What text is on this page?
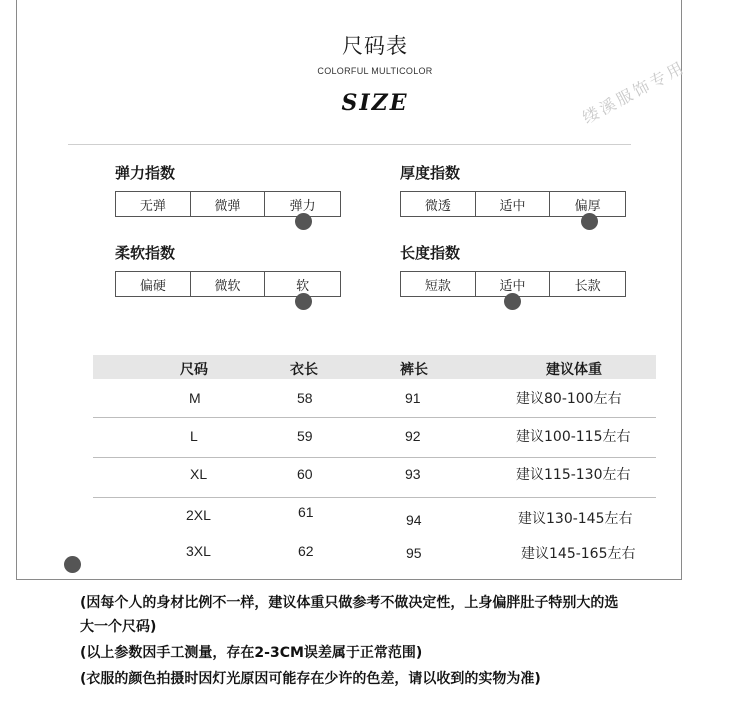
尺码表
COLORFUL MULTICOLOR
SIZE	缕溪服饰专用
弹力指数
无弹	微弹	弹力
厚度指数
微透	适中	偏厚
柔软指数
偏硬	微软	软
长度指数
短款	适中	长款
尺码	衣长	裤长	建议体重
M	58	91	建议80-100左右
L	59	92	建议100-115左右
XL	60	93	建议115-130左右
2XL	61	94	建议130-145左右
3XL	62	95	建议145-165左右
(因每个人的身材比例不一样，建议体重只做参考不做决定性，上身偏胖肚子特别大的选
大一个尺码)
(以上参数因手工测量，存在2-3CM误差属于正常范围)
(衣服的颜色拍摄时因灯光原因可能存在少许的色差，请以收到的实物为准)
